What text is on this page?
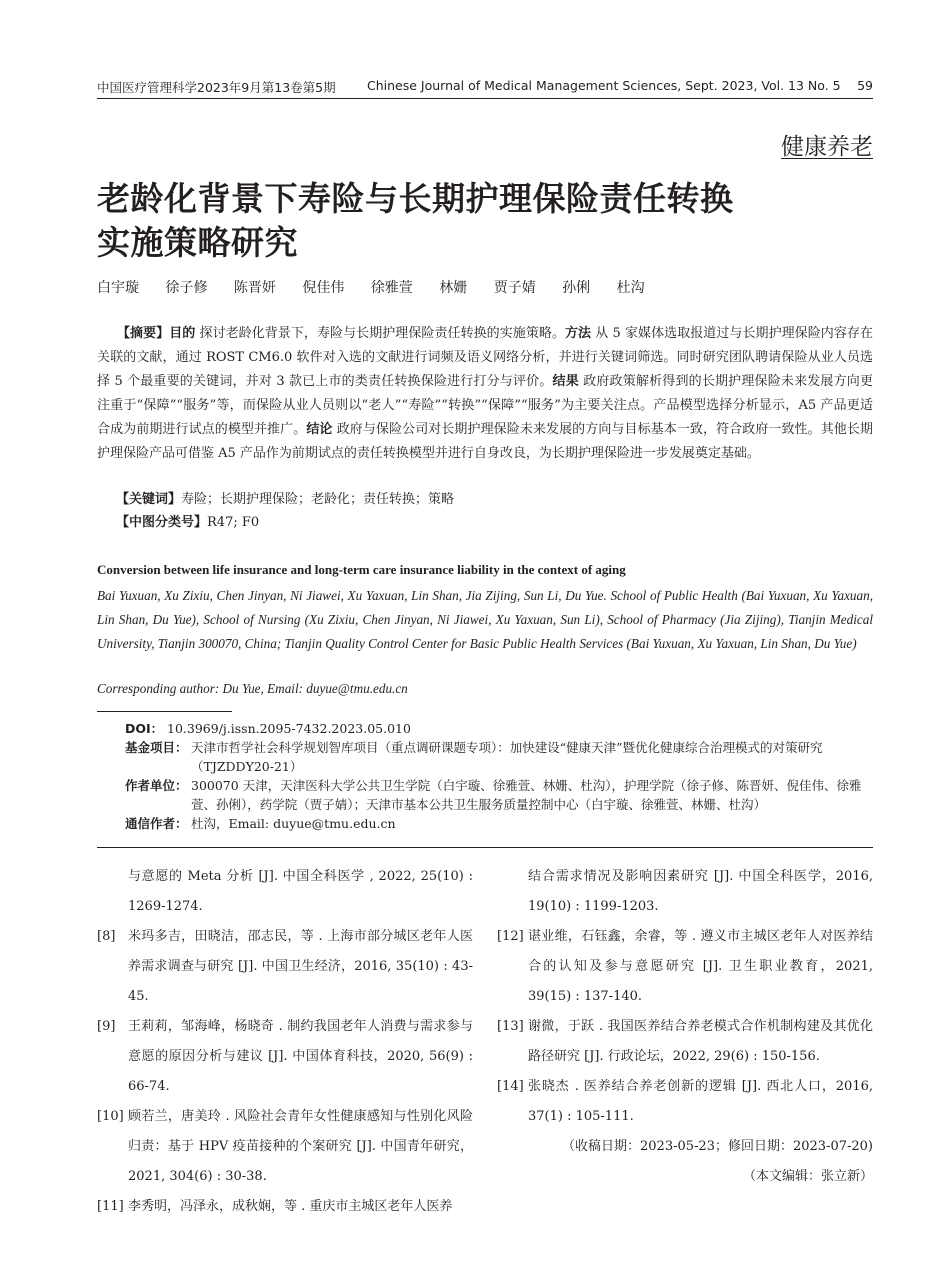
中国医疗管理科学2023年9月第13卷第5期	Chinese Journal of Medical Management Sciences, Sept. 2023, Vol. 13 No. 5 59
健康养老
老龄化背景下寿险与长期护理保险责任转换
实施策略研究
白宇璇 徐子修 陈晋妍 倪佳伟 徐雅萱 林姗 贾子婧 孙俐 杜沟

【摘要】目的 探讨老龄化背景下，寿险与长期护理保险责任转换的实施策略。方法 从 5 家媒体选取报道过与长期护理保险内容存在关联的文献，通过 ROST CM6.0 软件对入选的文献进行词频及语义网络分析，并进行关键词筛选。同时研究团队聘请保险从业人员选择 5 个最重要的关键词，并对 3 款已上市的类责任转换保险进行打分与评价。结果 政府政策解析得到的长期护理保险未来发展方向更注重于“保障”“服务”等，而保险从业人员则以“老人”“寿险”“转换”“保障”“服务”为主要关注点。产品模型选择分析显示，A5 产品更适合成为前期进行试点的模型并推广。结论 政府与保险公司对长期护理保险未来发展的方向与目标基本一致，符合政府一致性。其他长期护理保险产品可借鉴 A5 产品作为前期试点的责任转换模型并进行自身改良，为长期护理保险进一步发展奠定基础。

【关键词】寿险；长期护理保险；老龄化；责任转换；策略
【中图分类号】R47; F0
Conversion between life insurance and long-term care insurance liability in the context of aging
Bai Yuxuan, Xu Zixiu, Chen Jinyan, Ni Jiawei, Xu Yaxuan, Lin Shan, Jia Zijing, Sun Li, Du Yue. School of Public Health (Bai Yuxuan, Xu Yaxuan, Lin Shan, Du Yue), School of Nursing (Xu Zixiu, Chen Jinyan, Ni Jiawei, Xu Yaxuan, Sun Li), School of Pharmacy (Jia Zijing), Tianjin Medical University, Tianjin 300070, China; Tianjin Quality Control Center for Basic Public Health Services (Bai Yuxuan, Xu Yaxuan, Lin Shan, Du Yue)
Corresponding author: Du Yue, Email: duyue@tmu.edu.cn
DOI： 10.3969/j.issn.2095-7432.2023.05.010
基金项目： 天津市哲学社会科学规划智库项目（重点调研课题专项）：加快建设“健康天津”暨优化健康综合治理模式的对策研究（TJZDDY20-21）
作者单位： 300070 天津，天津医科大学公共卫生学院（白宇璇、徐雅萱、林姗、杜沟），护理学院（徐子修、陈晋妍、倪佳伟、徐雅萱、孙俐），药学院（贾子婧）；天津市基本公共卫生服务质量控制中心（白宇璇、徐雅萱、林姗、杜沟）
通信作者： 杜沟，Email: duyue@tmu.edu.cn
与意愿的 Meta 分析 [J]. 中国全科医学 , 2022, 25(10) : 1269-1274.
[8] 米玛多吉，田晓洁，邵志民，等 . 上海市部分城区老年人医养需求调查与研究 [J]. 中国卫生经济，2016, 35(10) : 43-45.
[9] 王莉莉，邹海峰，杨晓奇 . 制约我国老年人消费与需求参与意愿的原因分析与建议 [J]. 中国体育科技，2020, 56(9) : 66-74.
[10] 顾若兰，唐美玲 . 风险社会青年女性健康感知与性别化风险归责：基于 HPV 疫苗接种的个案研究 [J]. 中国青年研究，2021, 304(6) : 30-38.
[11] 李秀明，冯泽永，成秋娴，等 . 重庆市主城区老年人医养
结合需求情况及影响因素研究 [J]. 中国全科医学，2016, 19(10) : 1199-1203.
[12] 谌业维，石钰鑫，余睿，等 . 遵义市主城区老年人对医养结合的认知及参与意愿研究 [J]. 卫生职业教育，2021, 39(15) : 137-140.
[13] 谢微，于跃 . 我国医养结合养老模式合作机制构建及其优化路径研究 [J]. 行政论坛，2022, 29(6) : 150-156.
[14] 张晓杰 . 医养结合养老创新的逻辑 [J]. 西北人口，2016, 37(1) : 105-111.
（收稿日期：2023-05-23；修回日期：2023-07-20)
（本文编辑：张立新）
